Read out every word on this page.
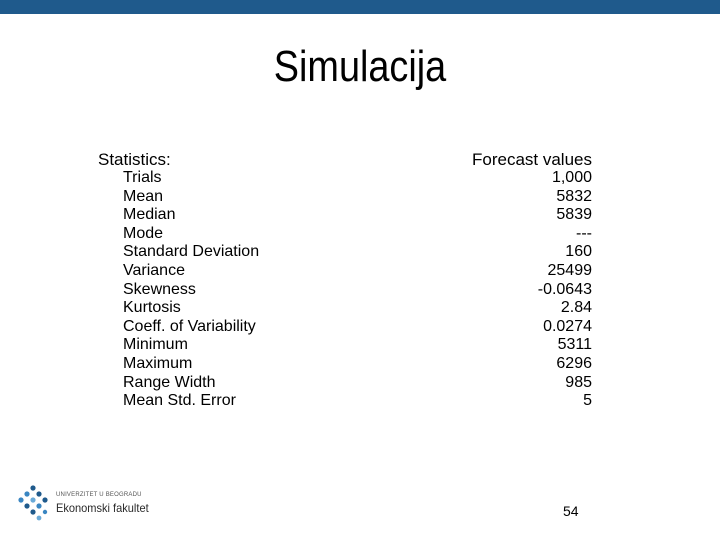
Simulacija
Statistics:	Forecast values
Trials	1,000
Mean	5832
Median	5839
Mode	---
Standard Deviation	160
Variance	25499
Skewness	-0.0643
Kurtosis	2.84
Coeff. of Variability	0.0274
Minimum	5311
Maximum	6296
Range Width	985
Mean Std. Error	5
UNIVERZITET U BEOGRADU
Ekonomski fakultet	54
